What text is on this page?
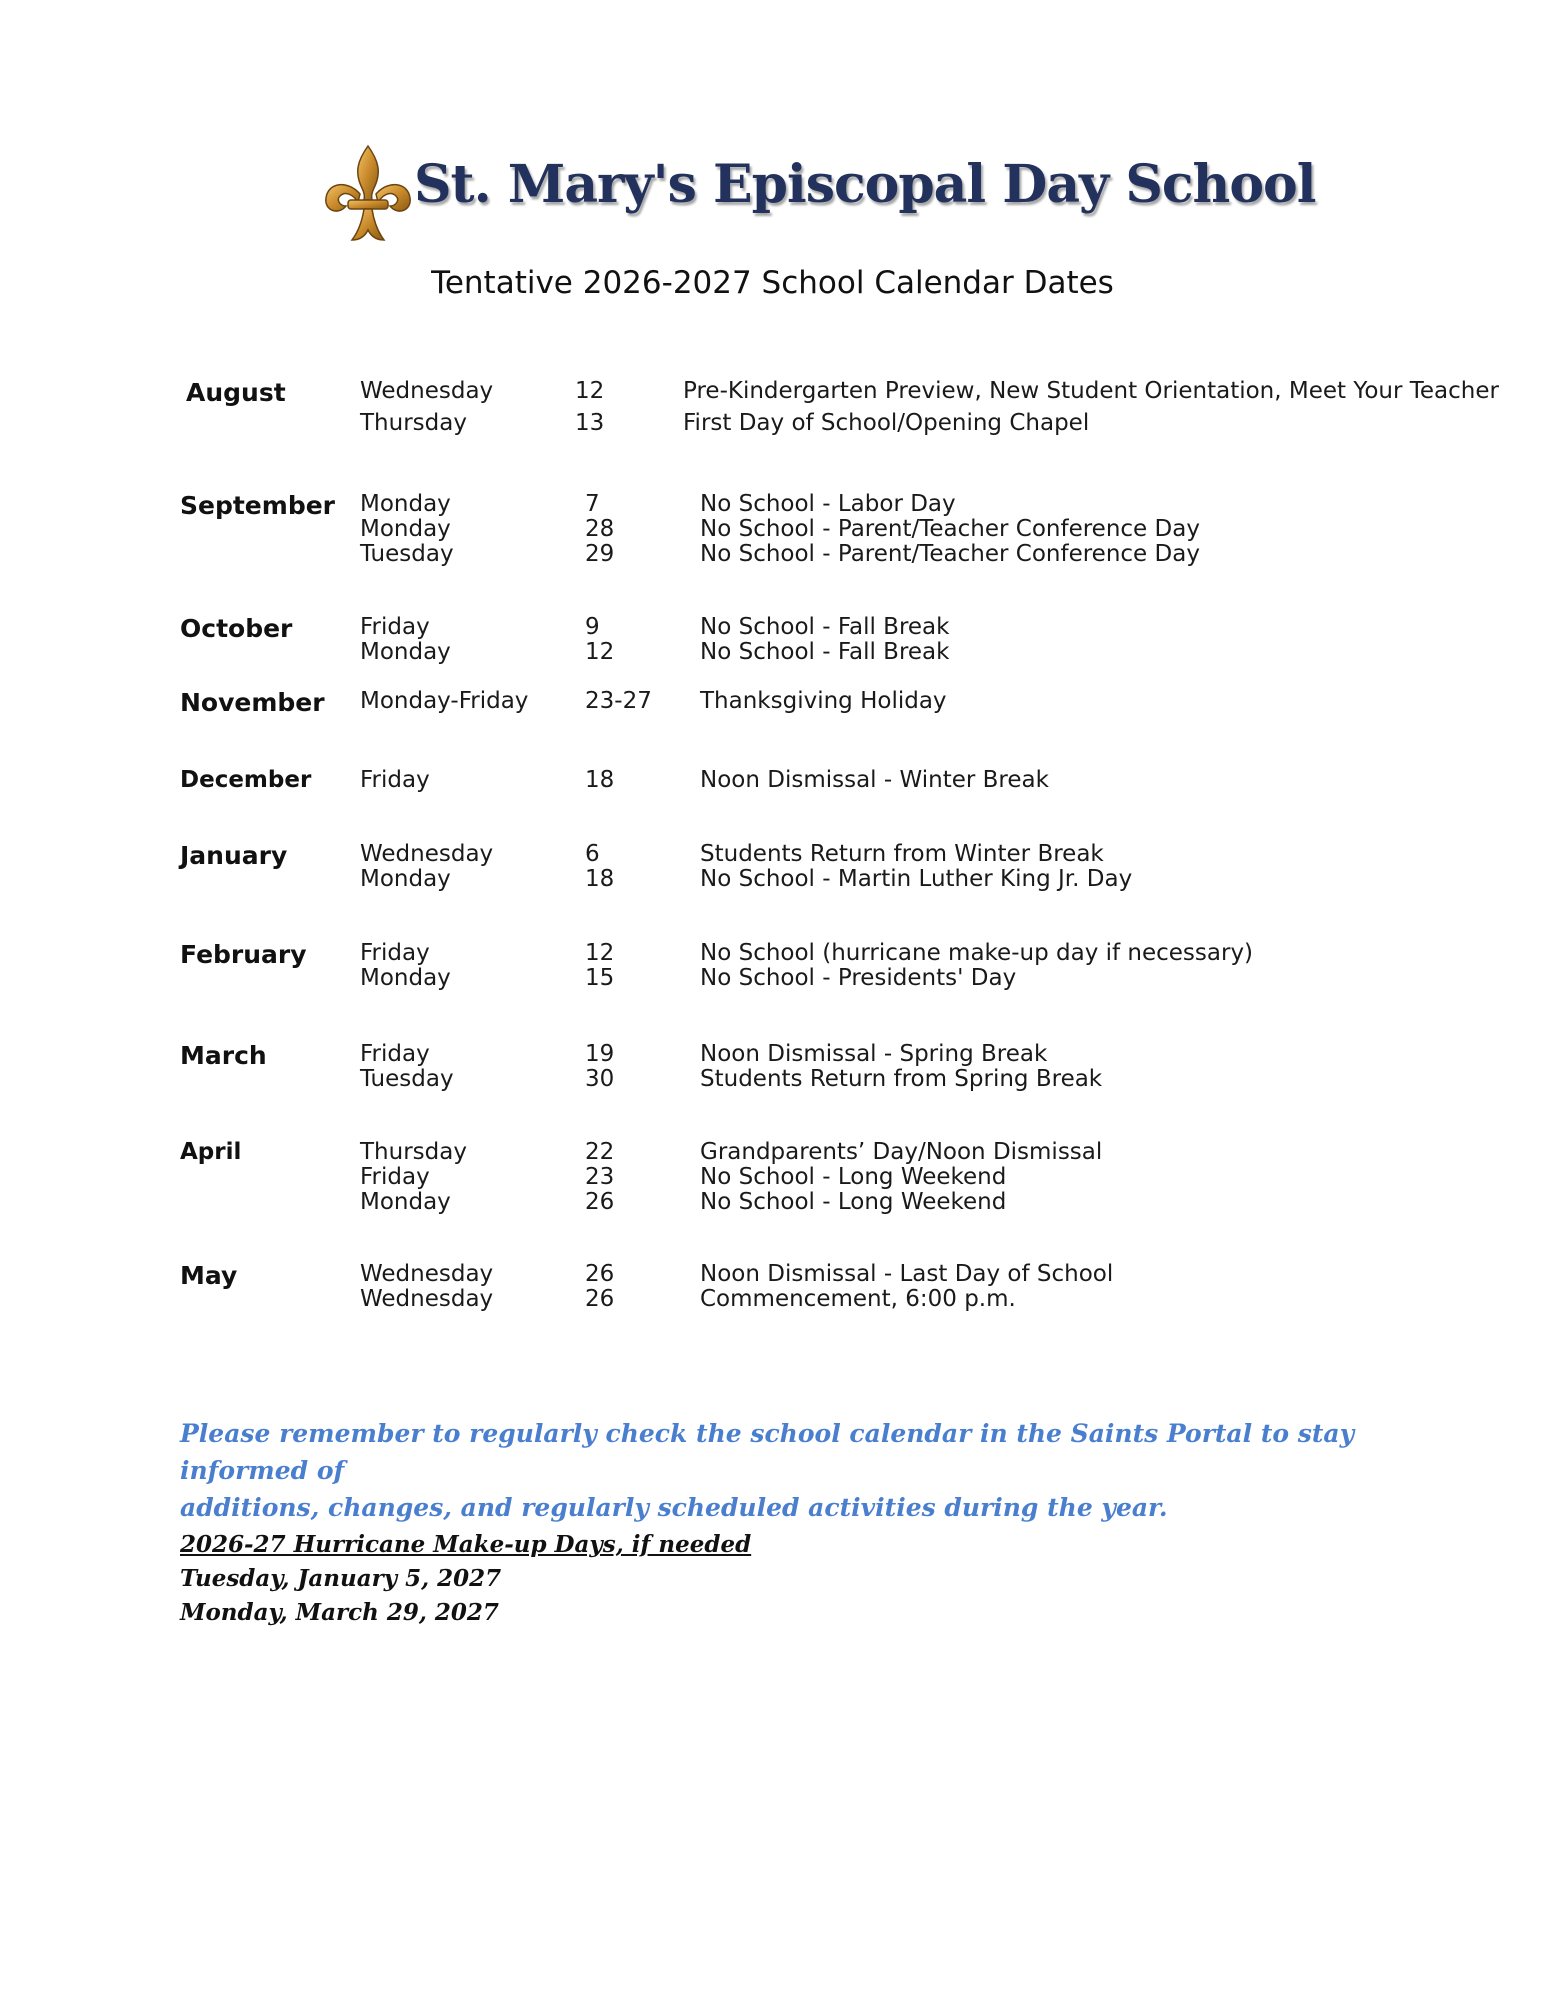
St. Mary's Episcopal Day School
Tentative 2026-2027 School Calendar Dates
August	Wednesday	12	Pre-Kindergarten Preview, New Student Orientation, Meet Your Teacher
Thursday	13	First Day of School/Opening Chapel
September Monday	7	No School - Labor Day
Monday	28	No School - Parent/Teacher Conference Day
Tuesday	29	No School - Parent/Teacher Conference Day
October	Friday	9	No School - Fall Break
Monday	12	No School - Fall Break
November Monday-Friday 23-27 Thanksgiving Holiday
December Friday	18	Noon Dismissal - Winter Break
January	Wednesday	6	Students Return from Winter Break
Monday	18	No School - Martin Luther King Jr. Day
February Friday	12	No School (hurricane make-up day if necessary)
Monday	15	No School - Presidents' Day
March	Friday	19	Noon Dismissal - Spring Break
Tuesday	30	Students Return from Spring Break
April	Thursday	22	Grandparents’ Day/Noon Dismissal
Friday	23	No School - Long Weekend
Monday	26	No School - Long Weekend
May	Wednesday	26	Noon Dismissal - Last Day of School
Wednesday	26	Commencement, 6:00 p.m.
Please remember to regularly check the school calendar in the Saints Portal to stay informed of
additions, changes, and regularly scheduled activities during the year.
2026-27 Hurricane Make-up Days, if needed
Tuesday, January 5, 2027
Monday, March 29, 2027
